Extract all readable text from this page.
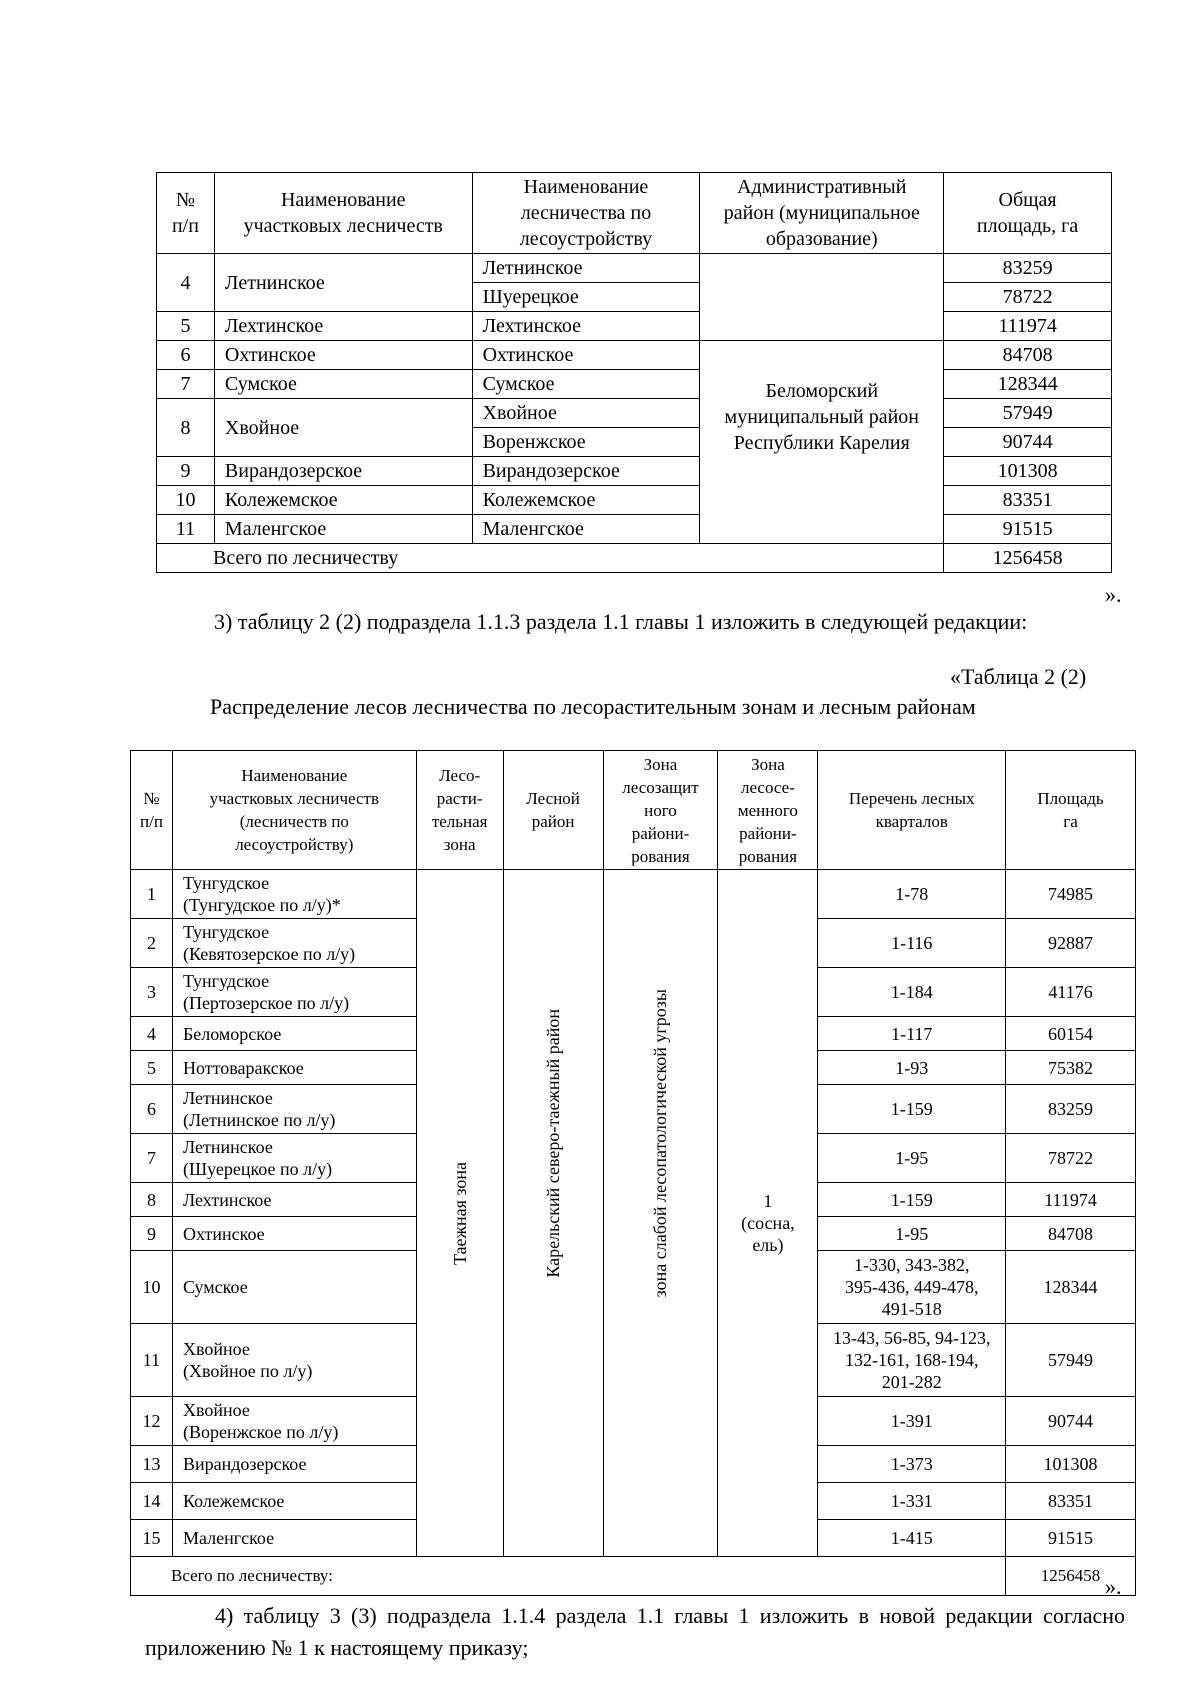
№
п/п	Наименование
участковых лесничеств	Наименование
лесничества по
лесоустройству	Административный
район (муниципальное
образование)	Общая
площадь, га
4	Летнинское	Летнинское		83259
		Шуерецкое		78722
5	Лехтинское	Лехтинское		111974
6	Охтинское	Охтинское	Беломорский
муниципальный район
Республики Карелия	84708
7	Сумское	Сумское		128344
8	Хвойное	Хвойное		57949
		Воренжское		90744
9	Вирандозерское	Вирандозерское		101308
10	Колежемское	Колежемское		83351
11	Маленгское	Маленгское		91515
Всего по лесничеству				1256458
».
3) таблицу 2 (2) подраздела 1.1.3 раздела 1.1 главы 1 изложить в следующей редакции:
«Таблица 2 (2)
Распределение лесов лесничества по лесорастительным зонам и лесным районам
№
п/п	Наименование
участковых лесничеств
(лесничеств по
лесоустройству)	Лесо-
расти-
тельная
зона	Лесной
район	Зона
лесозащит
ного
райони-
рования	Зона
лесосе-
менного
райони-
рования	Перечень лесных
кварталов	Площадь
га
1	Тунгудское
(Тунгудское по л/у)*	Таежная зона	Карельский северо-таежный район	зона слабой лесопатологической угрозы	1
(сосна,
ель)	1-78	74985
2	Тунгудское
(Кевятозерское по л/у)					1-116	92887
3	Тунгудское
(Пертозерское по л/у)					1-184	41176
4	Беломорское					1-117	60154
5	Ноттоваракское					1-93	75382
6	Летнинское
(Летнинское по л/у)					1-159	83259
7	Летнинское
(Шуерецкое по л/у)					1-95	78722
8	Лехтинское					1-159	111974
9	Охтинское					1-95	84708
10	Сумское					1-330, 343-382,
395-436, 449-478,
491-518	128344
11	Хвойное
(Хвойное по л/у)					13-43, 56-85, 94-123,
132-161, 168-194,
201-282	57949
12	Хвойное
(Воренжское по л/у)					1-391	90744
13	Вирандозерское					1-373	101308
14	Колежемское					1-331	83351
15	Маленгское					1-415	91515
Всего по лесничеству:							1256458 ».
4) таблицу 3 (3) подраздела 1.1.4 раздела 1.1 главы 1 изложить в новой редакции согласно приложению № 1 к настоящему приказу;
